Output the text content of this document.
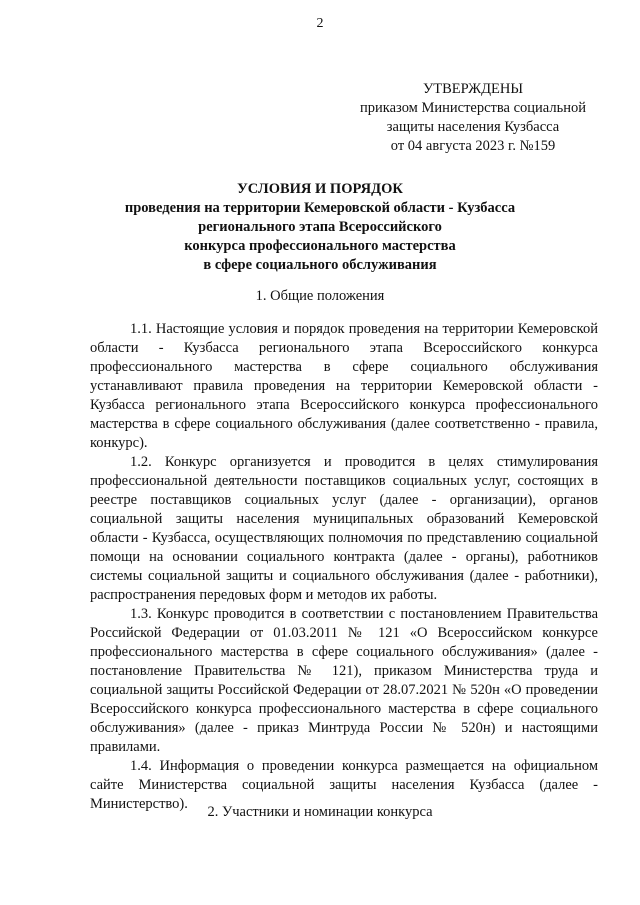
2
УТВЕРЖДЕНЫ
приказом Министерства социальной
защиты населения Кузбасса
от 04 августа 2023 г. №159
УСЛОВИЯ И ПОРЯДОК
проведения на территории Кемеровской области - Кузбасса
регионального этапа Всероссийского
конкурса профессионального мастерства
в сфере социального обслуживания
1. Общие положения

1.1. Настоящие условия и порядок проведения на территории Кемеровской области - Кузбасса регионального этапа Всероссийского конкурса профессионального мастерства в сфере социального обслуживания устанавливают правила проведения на территории Кемеровской области - Кузбасса регионального этапа Всероссийского конкурса профессионального мастерства в сфере социального обслуживания (далее соответственно - правила, конкурс).

1.2. Конкурс организуется и проводится в целях стимулирования профессиональной деятельности поставщиков социальных услуг, состоящих в реестре поставщиков социальных услуг (далее - организации), органов социальной защиты населения муниципальных образований Кемеровской области - Кузбасса, осуществляющих полномочия по представлению социальной помощи на основании социального контракта (далее - органы), работников системы социальной защиты и социального обслуживания (далее - работники), распространения передовых форм и методов их работы.

1.3. Конкурс проводится в соответствии с постановлением Правительства Российской Федерации от 01.03.2011 № 121 «О Всероссийском конкурсе профессионального мастерства в сфере социального обслуживания» (далее - постановление Правительства № 121), приказом Министерства труда и социальной защиты Российской Федерации от 28.07.2021 № 520н «О проведении Всероссийского конкурса профессионального мастерства в сфере социального обслуживания» (далее - приказ Минтруда России № 520н) и настоящими правилами.

1.4. Информация о проведении конкурса размещается на официальном сайте Министерства социальной защиты населения Кузбасса (далее - Министерство).	2. Участники и номинации конкурса
